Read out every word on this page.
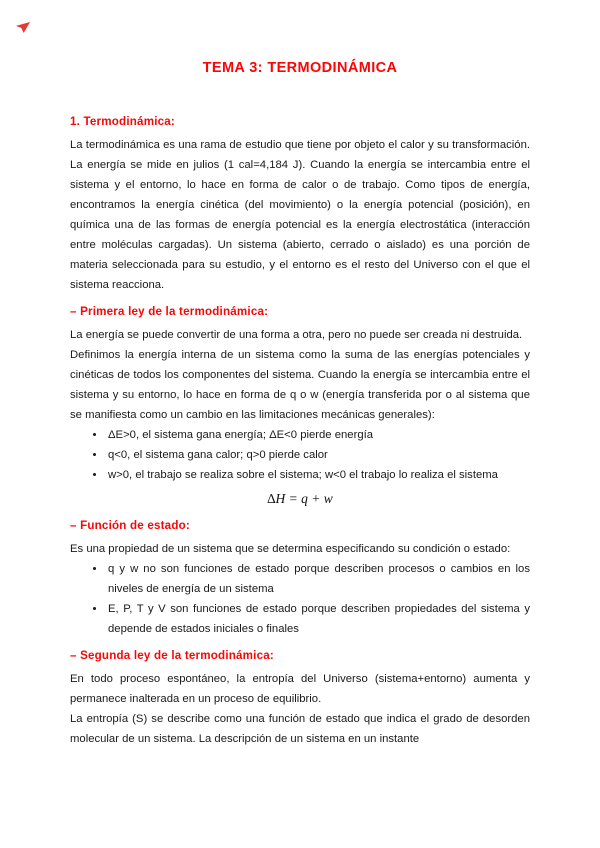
TEMA 3: TERMODINÁMICA
1. Termodinámica:

La termodinámica es una rama de estudio que tiene por objeto el calor y su transformación. La energía se mide en julios (1 cal=4,184 J). Cuando la energía se intercambia entre el sistema y el entorno, lo hace en forma de calor o de trabajo. Como tipos de energía, encontramos la energía cinética (del movimiento) o la energía potencial (posición), en química una de las formas de energía potencial es la energía electrostática (interacción entre moléculas cargadas). Un sistema (abierto, cerrado o aislado) es una porción de materia seleccionada para su estudio, y el entorno es el resto del Universo con el que el sistema reacciona.

– Primera ley de la termodinámica:

La energía se puede convertir de una forma a otra, pero no puede ser creada ni destruida.

Definimos la energía interna de un sistema como la suma de las energías potenciales y cinéticas de todos los componentes del sistema. Cuando la energía se intercambia entre el sistema y su entorno, lo hace en forma de q o w (energía transferida por o al sistema que se manifiesta como un cambio en las limitaciones mecánicas generales):

• ΔE>0, el sistema gana energía; ΔE<0 pierde energía
• q<0, el sistema gana calor; q>0 pierde calor
• w>0, el trabajo se realiza sobre el sistema; w<0 el trabajo lo realiza el sistema
∆H = q + w
– Función de estado:

Es una propiedad de un sistema que se determina especificando su condición o estado:

• q y w no son funciones de estado porque describen procesos o cambios en los niveles de energía de un sistema
• E, P, T y V son funciones de estado porque describen propiedades del sistema y depende de estados iniciales o finales
– Segunda ley de la termodinámica:

En todo proceso espontáneo, la entropía del Universo (sistema+entorno) aumenta y permanece inalterada en un proceso de equilibrio.

La entropía (S) se describe como una función de estado que indica el grado de desorden molecular de un sistema. La descripción de un sistema en un instante
